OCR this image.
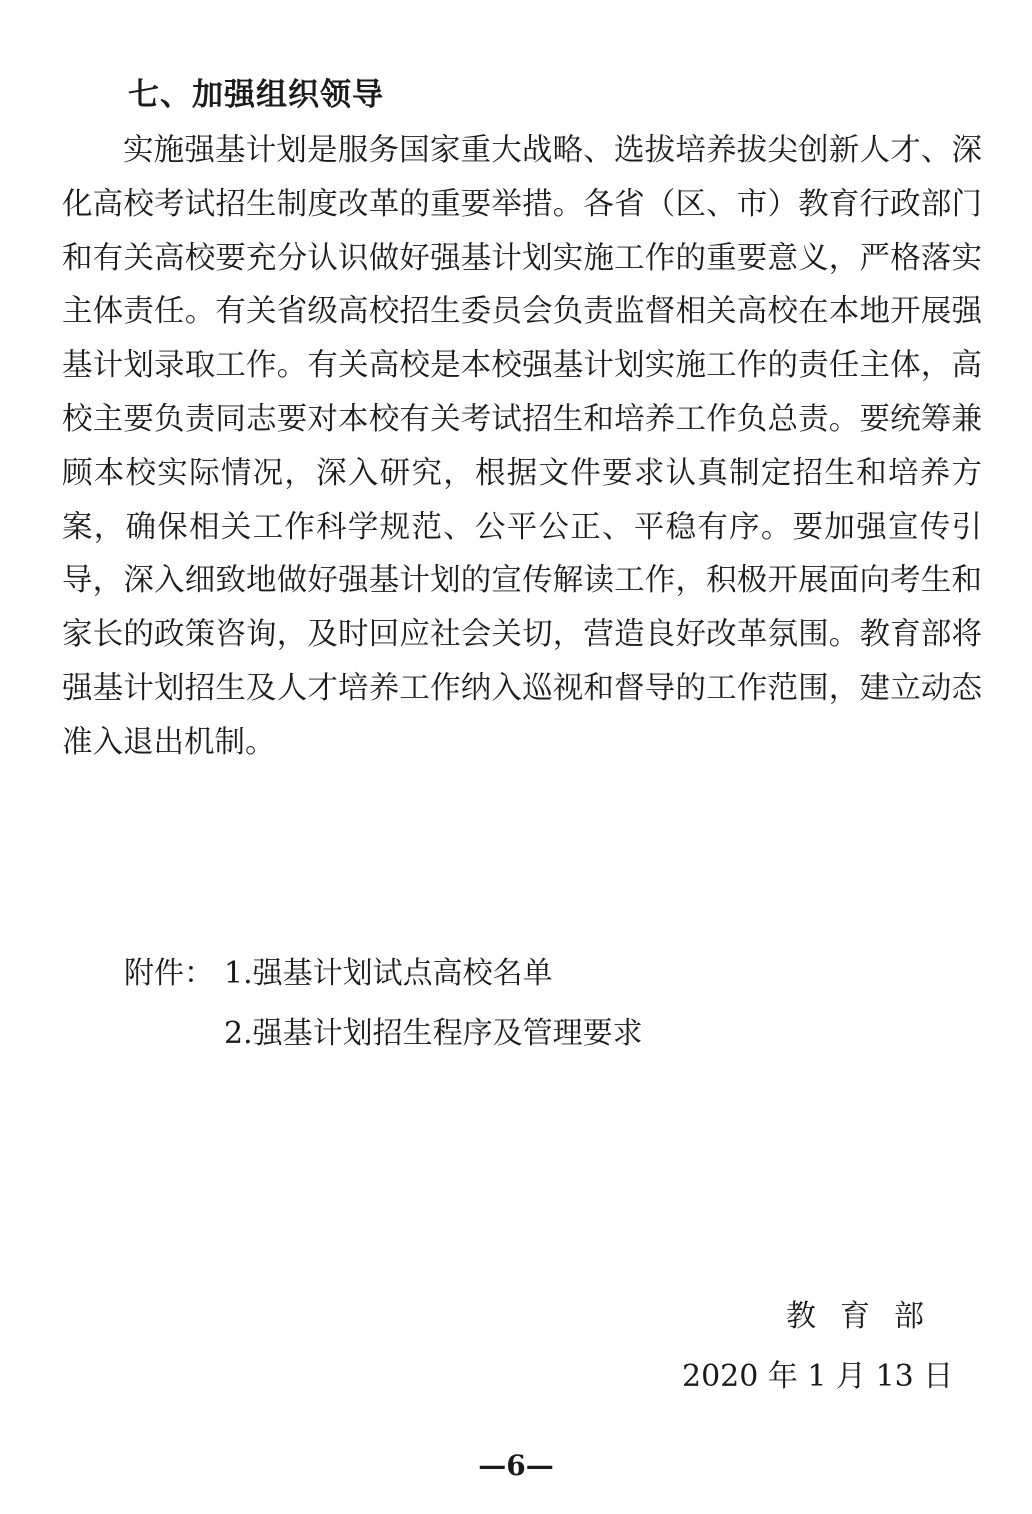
七、加强组织领导

实施强基计划是服务国家重大战略、选拔培养拔尖创新人才、深化高校考试招生制度改革的重要举措。各省（区、市）教育行政部门和有关高校要充分认识做好强基计划实施工作的重要意义，严格落实主体责任。有关省级高校招生委员会负责监督相关高校在本地开展强基计划录取工作。有关高校是本校强基计划实施工作的责任主体，高校主要负责同志要对本校有关考试招生和培养工作负总责。要统筹兼顾本校实际情况，深入研究，根据文件要求认真制定招生和培养方案，确保相关工作科学规范、公平公正、平稳有序。要加强宣传引导，深入细致地做好强基计划的宣传解读工作，积极开展面向考生和家长的政策咨询，及时回应社会关切，营造良好改革氛围。教育部将强基计划招生及人才培养工作纳入巡视和督导的工作范围，建立动态准入退出机制。

附件： 1.强基计划试点高校名单
2.强基计划招生程序及管理要求
教育部
2020 年 1 月 13 日
—6—
